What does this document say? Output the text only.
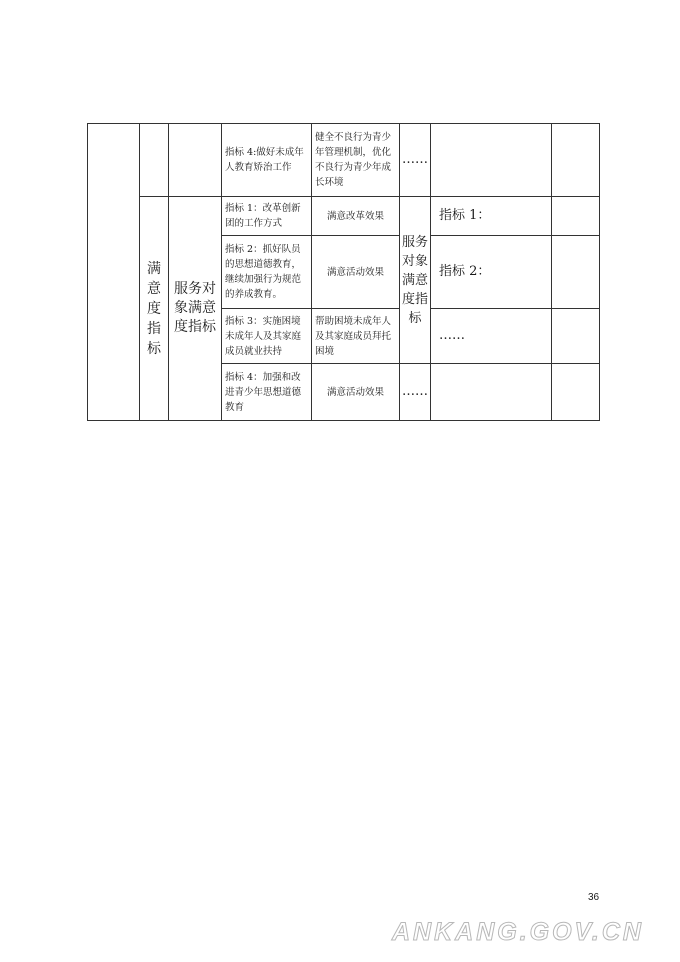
指标 4:做好未成年人教育矫治工作
健全不良行为青少年管理机制，优化不良行为青少年成长环境
……
满意度指标
服务对象满意度指标
指标 1：改革创新团的工作方式
满意改革效果
指标 2：抓好队员的思想道德教育，继续加强行为规范的养成教育。
满意活动效果
指标 3：实施困境未成年人及其家庭成员就业扶持
帮助困境未成年人及其家庭成员拜托困境
指标 4：加强和改进青少年思想道德教育
满意活动效果
服务对象满意度指标
……
指标 1：
指标 2：
……
36
ANKANG.GOV.CN
